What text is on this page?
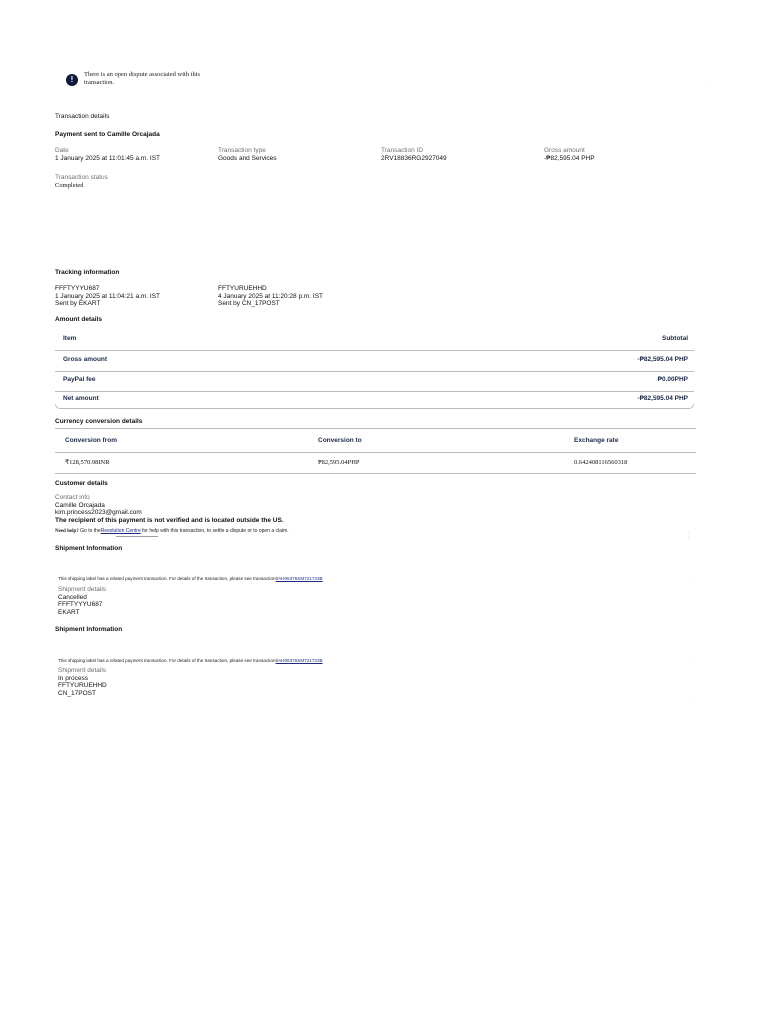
!
There is an open dispute associated with this
transaction.	·
Transaction details
Payment sent to Camille Orcajada
Date
1 January 2025 at 11:01:45 a.m. IST
Transaction type
Goods and Services
Transaction ID
2RV18836RG2927049
Gross amount
-₱82,595.04 PHP
Transaction status
Completed
Tracking information
FFFTYYYU687
1 January 2025 at 11:04:21 a.m. IST
Sent by EKART
FFTYURUEHHD
4 January 2025 at 11:20:28 p.m. IST
Sent by CN_17POST
Amount details
Item	Subtotal
Gross amount	-₱82,595.04 PHP
PayPal fee	₱0.00PHP
Net amount	-₱82,595.04 PHP
Currency conversion details
Conversion from	Conversion to	Exchange rate
₹128,570.98INR	₱82,595.04PHP	0.642408116560318
Customer details
Contact info
Camille Orcajada
kim.princess2023@gmail.com
The recipient of this payment is not verified and is located outside the US.
Need help? Go to theResolution Centre for help with this transaction, to settle a dispute or to open a claim.
Shipment Information
This shipping label has a related payment transaction. For details of the transaction, please see transaction0AH06376SM721723B
Shipment details
Cancelled
FFFTYYYU687
EKART
Shipment Information
This shipping label has a related payment transaction. For details of the transaction, please see transaction0AH06376SM721723B
Shipment details
In process
FFTYURUEHHD
CN_17POST
¦
·
·
·
